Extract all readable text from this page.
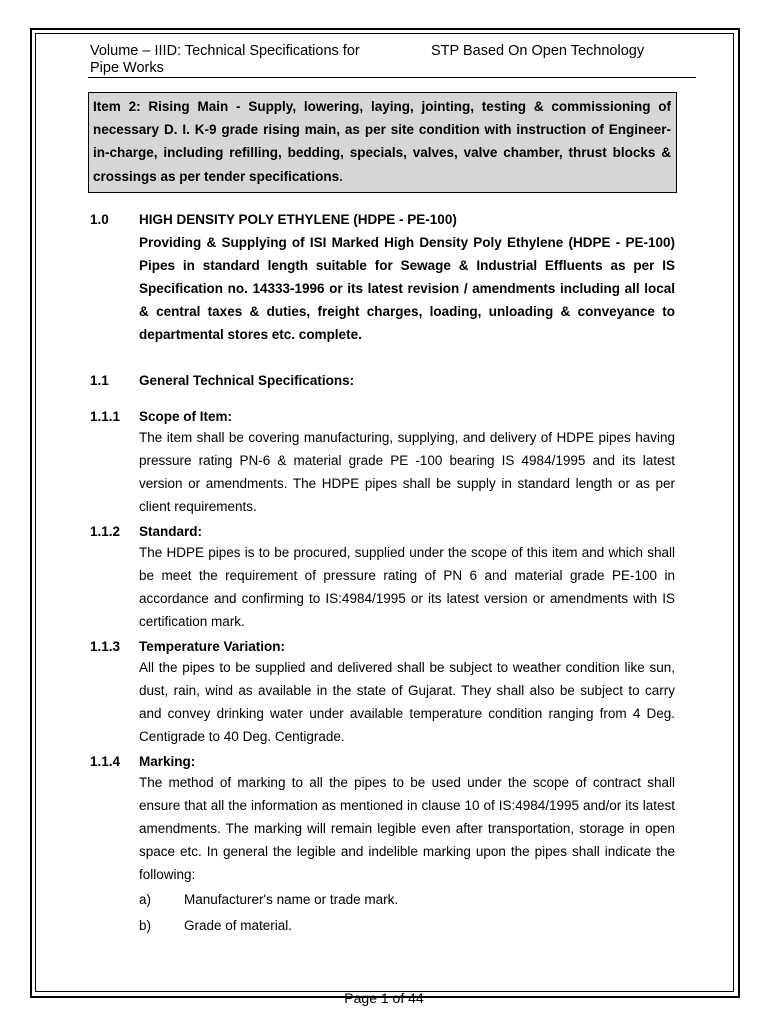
Volume – IIID: Technical Specifications for
Pipe Works
STP Based On Open Technology
Item 2: Rising Main - Supply, lowering, laying, jointing, testing & commissioning of necessary D. I. K-9 grade rising main, as per site condition with instruction of Engineer-in-charge, including refilling, bedding, specials, valves, valve chamber, thrust blocks & crossings as per tender specifications.
1.0 HIGH DENSITY POLY ETHYLENE (HDPE - PE-100)
Providing & Supplying of ISI Marked High Density Poly Ethylene (HDPE - PE-100) Pipes in standard length suitable for Sewage & Industrial Effluents as per IS Specification no. 14333-1996 or its latest revision / amendments including all local & central taxes & duties, freight charges, loading, unloading & conveyance to departmental stores etc. complete.
1.1 General Technical Specifications:
1.1.1 Scope of Item:
The item shall be covering manufacturing, supplying, and delivery of HDPE pipes having pressure rating PN-6 & material grade PE -100 bearing IS 4984/1995 and its latest version or amendments. The HDPE pipes shall be supply in standard length or as per client requirements.
1.1.2 Standard:
The HDPE pipes is to be procured, supplied under the scope of this item and which shall be meet the requirement of pressure rating of PN 6 and material grade PE-100 in accordance and confirming to IS:4984/1995 or its latest version or amendments with IS certification mark.
1.1.3 Temperature Variation:
All the pipes to be supplied and delivered shall be subject to weather condition like sun, dust, rain, wind as available in the state of Gujarat. They shall also be subject to carry and convey drinking water under available temperature condition ranging from 4 Deg. Centigrade to 40 Deg. Centigrade.
1.1.4 Marking:
The method of marking to all the pipes to be used under the scope of contract shall ensure that all the information as mentioned in clause 10 of IS:4984/1995 and/or its latest amendments. The marking will remain legible even after transportation, storage in open space etc. In general the legible and indelible marking upon the pipes shall indicate the following:
a) Manufacturer's name or trade mark.
b) Grade of material.
Page 1 of 44
